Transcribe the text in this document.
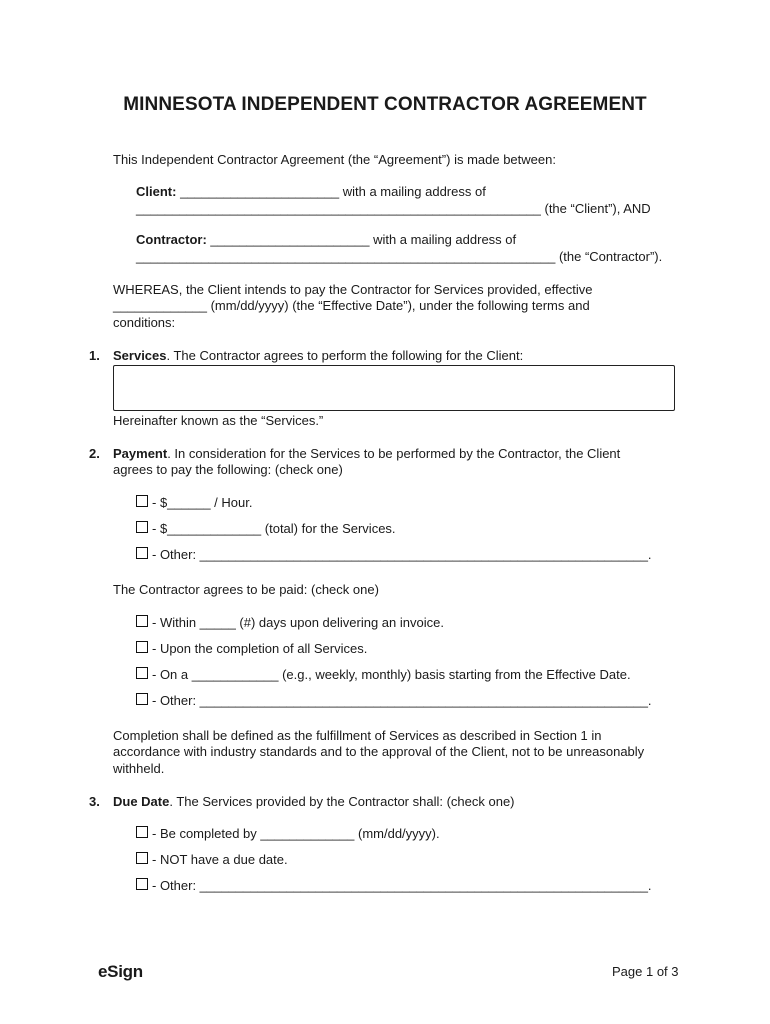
MINNESOTA INDEPENDENT CONTRACTOR AGREEMENT
This Independent Contractor Agreement (the “Agreement”) is made between:
Client: ______________________ with a mailing address of
________________________________________________________ (the “Client”), AND
Contractor: ______________________ with a mailing address of
__________________________________________________________ (the “Contractor”).
WHEREAS, the Client intends to pay the Contractor for Services provided, effective
_____________ (mm/dd/yyyy) (the “Effective Date”), under the following terms and
conditions:
1. Services. The Contractor agrees to perform the following for the Client:
Hereinafter known as the “Services.”
2. Payment. In consideration for the Services to be performed by the Contractor, the Client
agrees to pay the following: (check one)
- $______ / Hour.
- $_____________ (total) for the Services.
- Other: ______________________________________________________________.
The Contractor agrees to be paid: (check one)
- Within _____ (#) days upon delivering an invoice.
- Upon the completion of all Services.
- On a ____________ (e.g., weekly, monthly) basis starting from the Effective Date.
- Other: ______________________________________________________________.
Completion shall be defined as the fulfillment of Services as described in Section 1 in
accordance with industry standards and to the approval of the Client, not to be unreasonably
withheld.
3. Due Date. The Services provided by the Contractor shall: (check one)
- Be completed by _____________ (mm/dd/yyyy).
- NOT have a due date.
- Other: ______________________________________________________________.
eSign	Page 1 of 3
